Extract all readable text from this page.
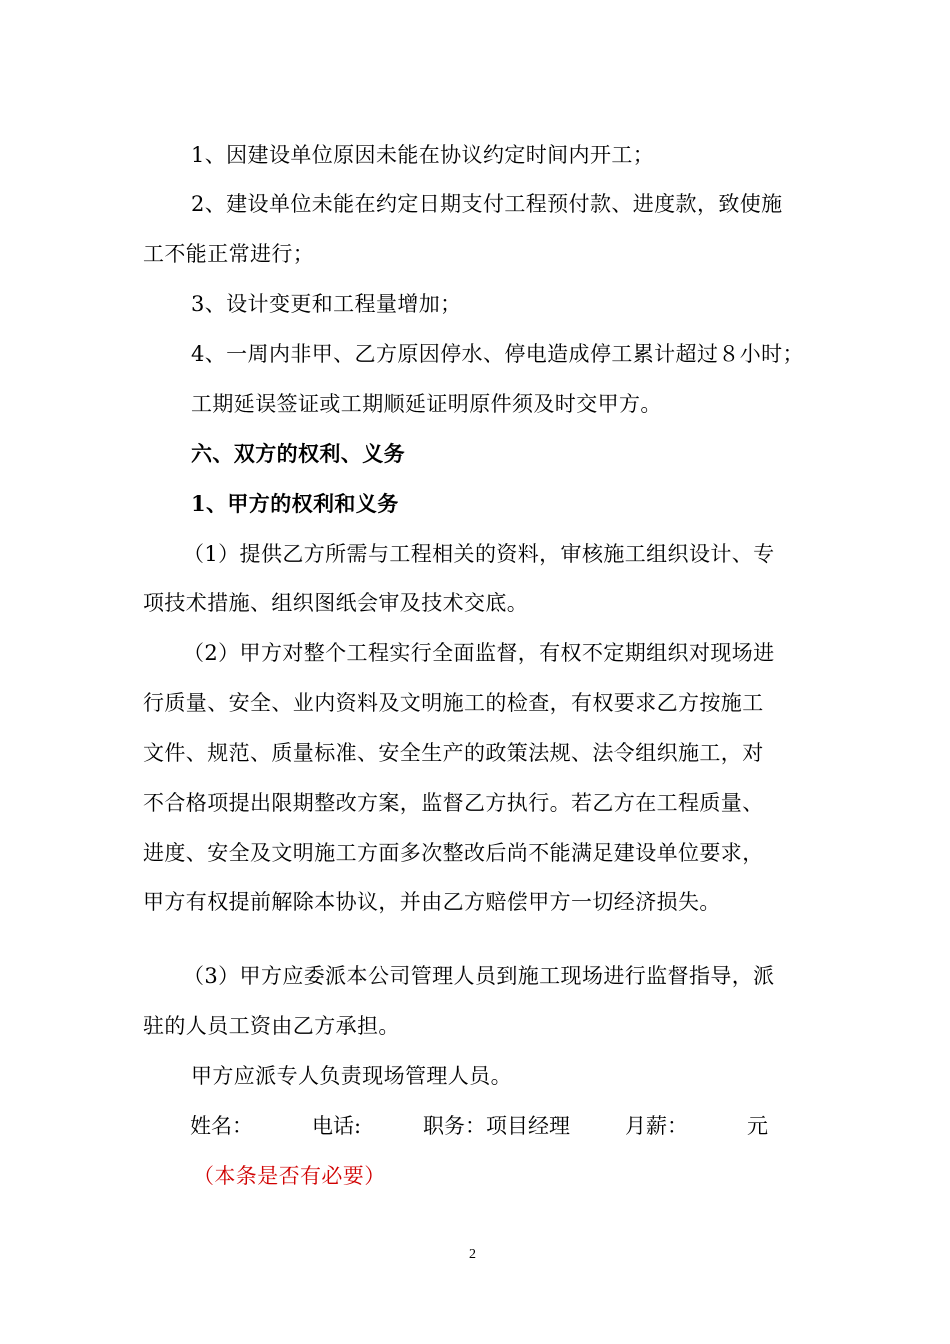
1、因建设单位原因未能在协议约定时间内开工；
2、建设单位未能在约定日期支付工程预付款、进度款，致使施
工不能正常进行；
3、设计变更和工程量增加；
4、一周内非甲、乙方原因停水、停电造成停工累计超过８小时；
工期延误签证或工期顺延证明原件须及时交甲方。
六、双方的权利、义务
1、甲方的权利和义务
（1）提供乙方所需与工程相关的资料，审核施工组织设计、专
项技术措施、组织图纸会审及技术交底。
（2）甲方对整个工程实行全面监督，有权不定期组织对现场进
行质量、安全、业内资料及文明施工的检查，有权要求乙方按施工
文件、规范、质量标准、安全生产的政策法规、法令组织施工，对
不合格项提出限期整改方案，监督乙方执行。若乙方在工程质量、
进度、安全及文明施工方面多次整改后尚不能满足建设单位要求，
甲方有权提前解除本协议，并由乙方赔偿甲方一切经济损失。
（3）甲方应委派本公司管理人员到施工现场进行监督指导，派
驻的人员工资由乙方承担。
甲方应派专人负责现场管理人员。
姓名：	电话:	职务：项目经理	月薪：	元
（本条是否有必要）
2
